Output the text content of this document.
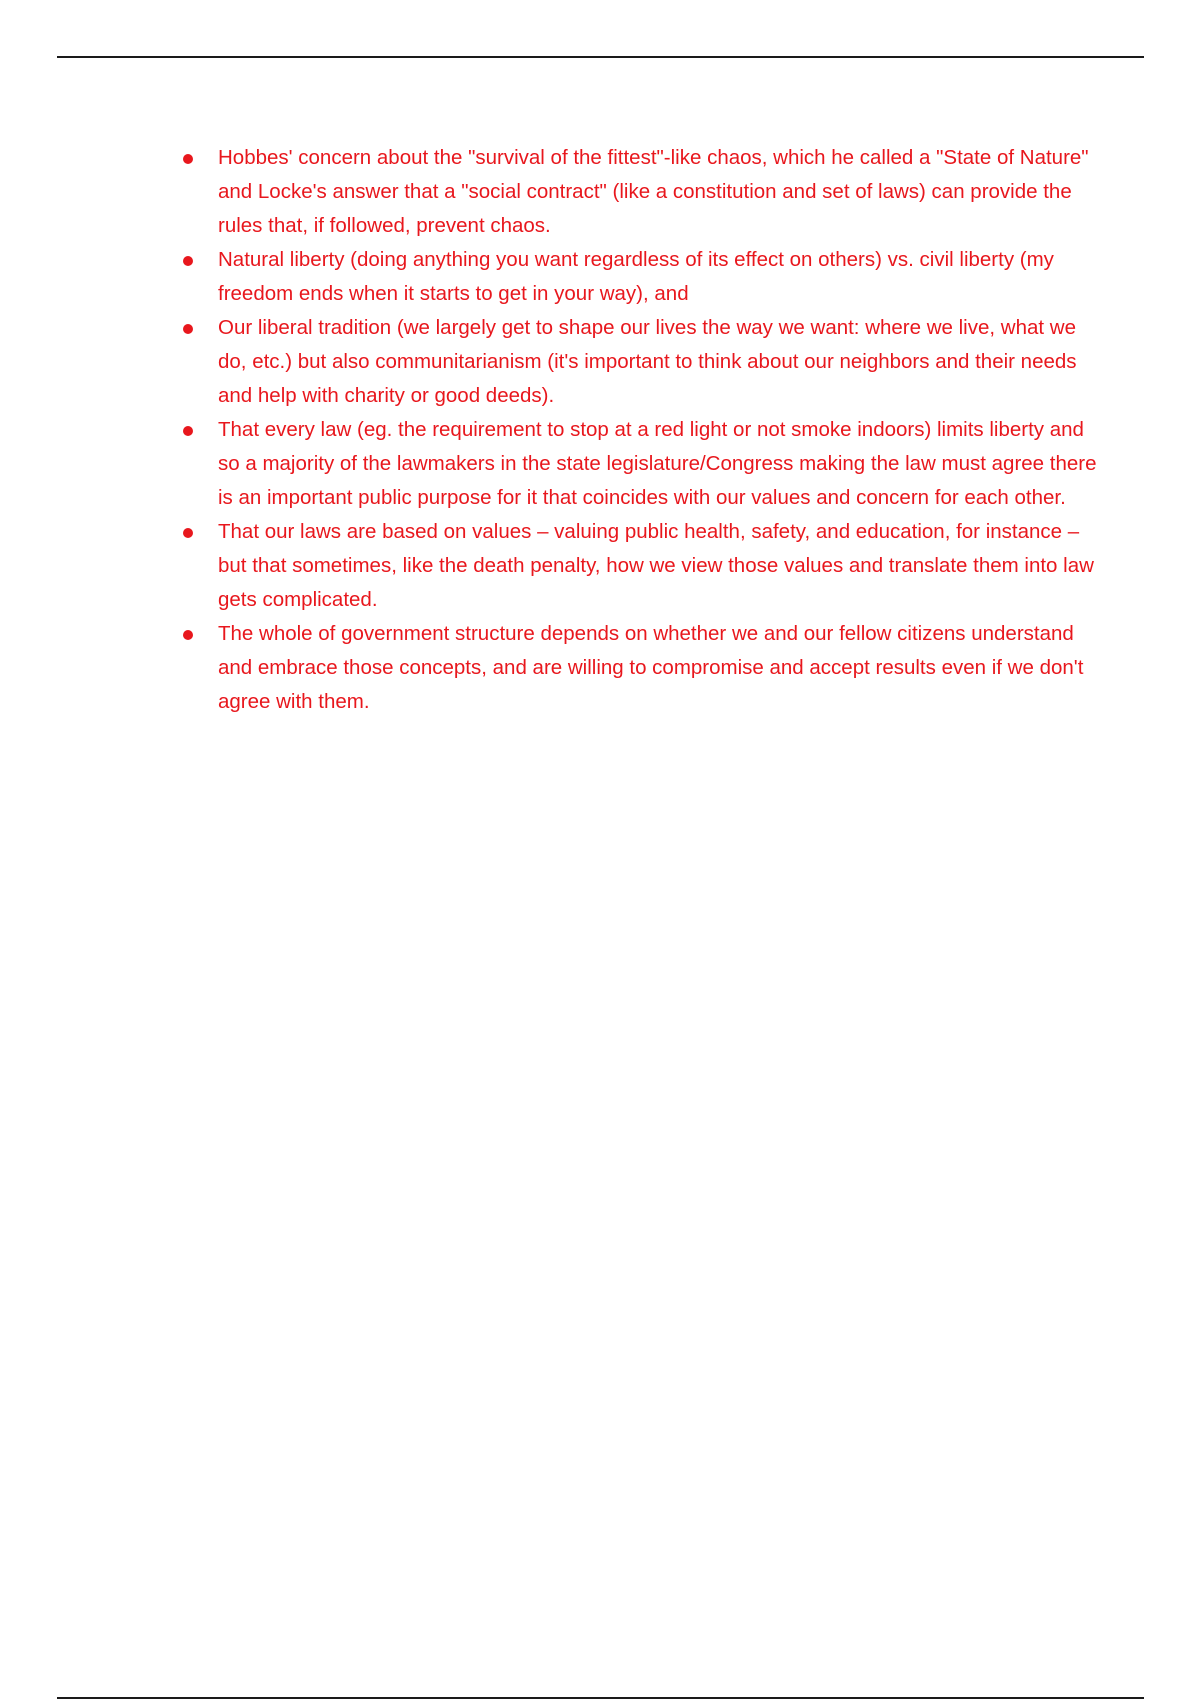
Hobbes' concern about the "survival of the fittest"-like chaos, which he called a "State of Nature" and Locke's answer that a "social contract" (like a constitution and set of laws) can provide the rules that, if followed, prevent chaos.
Natural liberty (doing anything you want regardless of its effect on others) vs. civil liberty (my freedom ends when it starts to get in your way), and
Our liberal tradition (we largely get to shape our lives the way we want: where we live, what we do, etc.) but also communitarianism (it's important to think about our neighbors and their needs and help with charity or good deeds).
That every law (eg. the requirement to stop at a red light or not smoke indoors) limits liberty and so a majority of the lawmakers in the state legislature/Congress making the law must agree there is an important public purpose for it that coincides with our values and concern for each other.
That our laws are based on values – valuing public health, safety, and education, for instance – but that sometimes, like the death penalty, how we view those values and translate them into law gets complicated.
The whole of government structure depends on whether we and our fellow citizens understand and embrace those concepts, and are willing to compromise and accept results even if we don't agree with them.
